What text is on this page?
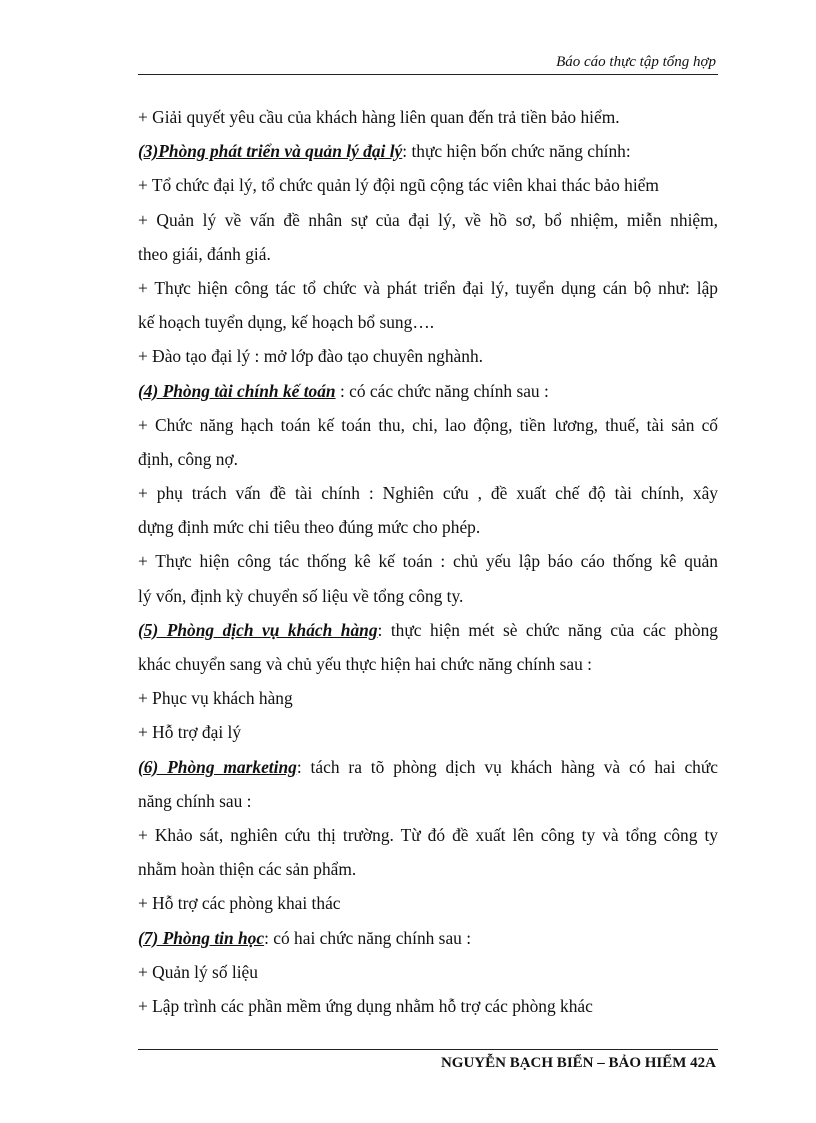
Báo cáo thực tập tổng hợp
+ Giải quyết yêu cầu của khách hàng liên quan đến trả tiền bảo hiểm.
(3)Phòng phát triển và quản lý đại lý: thực hiện bốn chức năng chính:
+ Tổ chức đại lý, tổ chức quản lý đội ngũ cộng tác viên khai thác bảo hiểm
+ Quản lý về vấn đề nhân sự của đại lý, về hồ sơ, bổ nhiệm, miễn nhiệm,
theo giái, đánh giá.
+ Thực hiện công tác tổ chức và phát triển đại lý, tuyển dụng cán bộ như: lập
kế hoạch tuyển dụng, kế hoạch bổ sung….
+ Đào tạo đại lý : mở lớp đào tạo chuyên nghành.
(4) Phòng tài chính kế toán : có các chức năng chính sau :
+ Chức năng hạch toán kế toán thu, chi, lao động, tiền lương, thuế, tài sản cố
định, công nợ.
+ phụ trách vấn đề tài chính : Nghiên cứu , đề xuất chế độ tài chính, xây
dựng định mức chi tiêu theo đúng mức cho phép.
+ Thực hiện công tác thống kê kế toán : chủ yếu lập báo cáo thống kê quản
lý vốn, định kỳ chuyển số liệu về tổng công ty.
(5) Phòng dịch vụ khách hàng: thực hiện mét sè chức năng của các phòng
khác chuyển sang và chủ yếu thực hiện hai chức năng chính sau :
+ Phục vụ khách hàng
+ Hỗ trợ đại lý
(6) Phòng marketing: tách ra tõ phòng dịch vụ khách hàng và có hai chức
năng chính sau :
+ Khảo sát, nghiên cứu thị trường. Từ đó đề xuất lên công ty và tổng công ty
nhằm hoàn thiện các sản phẩm.
+ Hỗ trợ các phòng khai thác
(7) Phòng tin học: có hai chức năng chính sau :
+ Quản lý số liệu
+ Lập trình các phần mềm ứng dụng nhằm hỗ trợ các phòng khác
NGUYỄN BẠCH BIỂN – BẢO HIỂM 42A
